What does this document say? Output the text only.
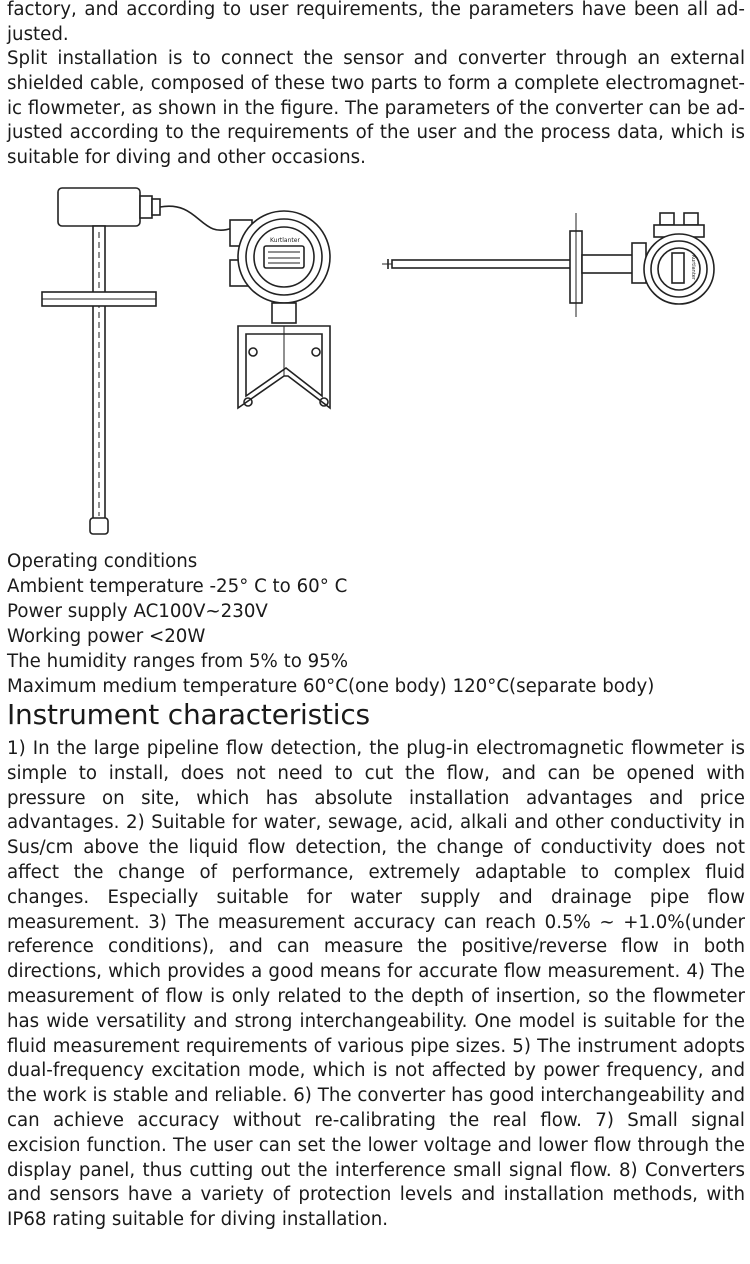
factory, and according to user requirements, the parameters have been all adjusted.
Split installation is to connect the sensor and converter through an external shielded cable, composed of these two parts to form a complete electromagnetic flowmeter, as shown in the figure. The parameters of the converter can be adjusted according to the requirements of the user and the process data, which is suitable for diving and other occasions.
Kurtlanter
Kurtlanter
Operating conditions
Ambient temperature -25° C to 60° C
Power supply AC100V~230V
Working power <20W
The humidity ranges from 5% to 95%
Maximum medium temperature 60°C(one body) 120°C(separate body)
Instrument characteristics
1) In the large pipeline flow detection, the plug-in electromagnetic flowmeter is simple to install, does not need to cut the flow, and can be opened with pressure on site, which has absolute installation advantages and price advantages. 2) Suitable for water, sewage, acid, alkali and other conductivity in Sus/cm above the liquid flow detection, the change of conductivity does not affect the change of performance, extremely adaptable to complex fluid changes. Especially suitable for water supply and drainage pipe flow measurement. 3) The measurement accuracy can reach 0.5% ~ +1.0%(under reference conditions), and can measure the positive/reverse flow in both directions, which provides a good means for accurate flow measurement. 4) The measurement of flow is only related to the depth of insertion, so the flowmeter has wide versatility and strong interchangeability. One model is suitable for the fluid measurement requirements of various pipe sizes. 5) The instrument adopts dual-frequency excitation mode, which is not affected by power frequency, and the work is stable and reliable. 6) The converter has good interchangeability and can achieve accuracy without re-calibrating the real flow. 7) Small signal excision function. The user can set the lower voltage and lower flow through the display panel, thus cutting out the interference small signal flow. 8) Converters and sensors have a variety of protection levels and installation methods, with IP68 rating suitable for diving installation.
